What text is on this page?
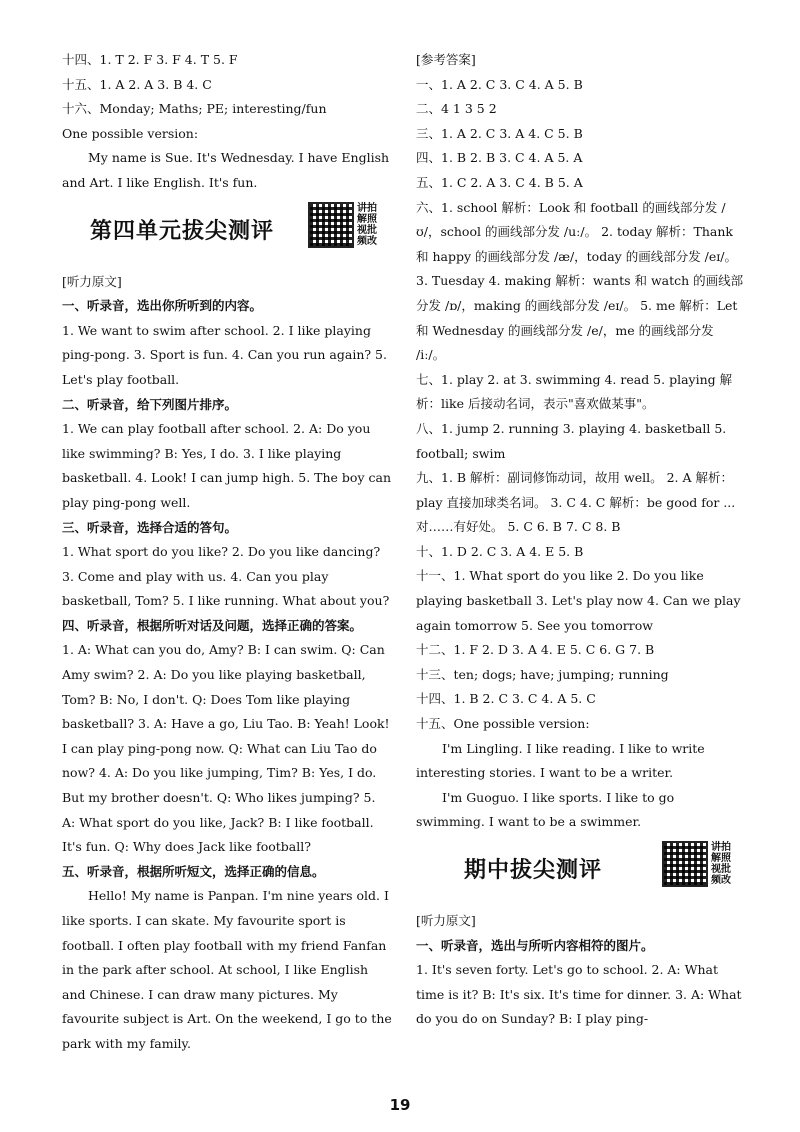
十四、1. T 2. F 3. F 4. T 5. F
十五、1. A 2. A 3. B 4. C
十六、Monday; Maths; PE; interesting/fun
One possible version:

My name is Sue. It's Wednesday. I have English and Art. I like English. It's fun.

第四单元拔尖测评
讲拍解照视批频改
[听力原文]
一、听录音，选出你所听到的内容。

1. We want to swim after school. 2. I like playing ping-pong. 3. Sport is fun. 4. Can you run again? 5. Let's play football.

二、听录音，给下列图片排序。

1. We can play football after school. 2. A: Do you like swimming? B: Yes, I do. 3. I like playing basketball. 4. Look! I can jump high. 5. The boy can play ping-pong well.

三、听录音，选择合适的答句。

1. What sport do you like? 2. Do you like dancing? 3. Come and play with us. 4. Can you play basketball, Tom? 5. I like running. What about you?

四、听录音，根据所听对话及问题，选择正确的答案。

1. A: What can you do, Amy? B: I can swim. Q: Can Amy swim? 2. A: Do you like playing basketball, Tom? B: No, I don't. Q: Does Tom like playing basketball? 3. A: Have a go, Liu Tao. B: Yeah! Look! I can play ping-pong now. Q: What can Liu Tao do now? 4. A: Do you like jumping, Tim? B: Yes, I do. But my brother doesn't. Q: Who likes jumping? 5. A: What sport do you like, Jack? B: I like football. It's fun. Q: Why does Jack like football?

五、听录音，根据所听短文，选择正确的信息。

Hello! My name is Panpan. I'm nine years old. I like sports. I can skate. My favourite sport is football. I often play football with my friend Fanfan in the park after school. At school, I like English and Chinese. I can draw many pictures. My favourite subject is Art. On the weekend, I go to the park with my family.

[参考答案]
一、1. A 2. C 3. C 4. A 5. B
二、4 1 3 5 2
三、1. A 2. C 3. A 4. C 5. B
四、1. B 2. B 3. C 4. A 5. A
五、1. C 2. A 3. C 4. B 5. A

六、1. school 解析：Look 和 football 的画线部分发 /ʊ/，school 的画线部分发 /uː/。 2. today 解析：Thank 和 happy 的画线部分发 /æ/，today 的画线部分发 /eɪ/。 3. Tuesday 4. making 解析：wants 和 watch 的画线部分发 /ɒ/，making 的画线部分发 /eɪ/。 5. me 解析：Let 和 Wednesday 的画线部分发 /e/，me 的画线部分发 /iː/。

七、1. play 2. at 3. swimming 4. read 5. playing 解析：like 后接动名词，表示"喜欢做某事"。

八、1. jump 2. running 3. playing 4. basketball 5. football; swim

九、1. B 解析：副词修饰动词，故用 well。 2. A 解析：play 直接加球类名词。 3. C 4. C 解析：be good for ... 对……有好处。 5. C 6. B 7. C 8. B

十、1. D 2. C 3. A 4. E 5. B

十一、1. What sport do you like 2. Do you like playing basketball 3. Let's play now 4. Can we play again tomorrow 5. See you tomorrow

十二、1. F 2. D 3. A 4. E 5. C 6. G 7. B

十三、ten; dogs; have; jumping; running

十四、1. B 2. C 3. C 4. A 5. C

十五、One possible version:

I'm Lingling. I like reading. I like to write interesting stories. I want to be a writer.

I'm Guoguo. I like sports. I like to go swimming. I want to be a swimmer.

期中拔尖测评
讲拍解照视批频改
[听力原文]
一、听录音，选出与所听内容相符的图片。

1. It's seven forty. Let's go to school. 2. A: What time is it? B: It's six. It's time for dinner. 3. A: What do you do on Sunday? B: I play ping-

19
